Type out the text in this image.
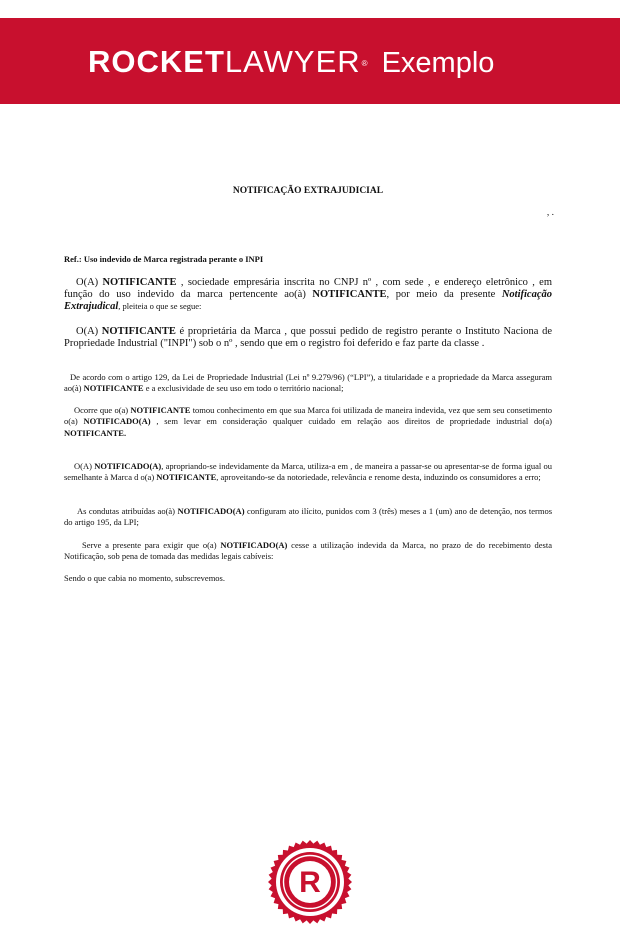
ROCKETLAWYER® Exemplo
NOTIFICAÇÃO EXTRAJUDICIAL
, .
Ref.: Uso indevido de Marca registrada perante o INPI

O(A) NOTIFICANTE , sociedade empresária inscrita no CNPJ nº , com sede , e endereço eletrônico , em função do uso indevido da marca pertencente ao(à) NOTIFICANTE, por meio da presente Notificação Extrajudical, pleiteia o que se segue:

O(A) NOTIFICANTE é proprietária da Marca , que possui pedido de registro perante o Instituto Naciona de Propriedade Industrial ("INPI") sob o nº , sendo que em o registro foi deferido e faz parte da classe .

De acordo com o artigo 129, da Lei de Propriedade Industrial (Lei nº 9.279/96) (“LPI”), a titularidade e a propriedade da Marca asseguram ao(à) NOTIFICANTE e a exclusividade de seu uso em todo o território nacional;

Ocorre que o(a) NOTIFICANTE tomou conhecimento em que sua Marca foi utilizada de maneira indevida, vez que sem seu consetimento o(a) NOTIFICADO(A) , sem levar em consideração qualquer cuidado em relação aos direitos de propriedade industrial do(a) NOTIFICANTE.

O(A) NOTIFICADO(A), apropriando-se indevidamente da Marca, utiliza-a em , de maneira a passar-se ou apresentar-se de forma igual ou semelhante à Marca d o(a) NOTIFICANTE, aproveitando-se da notoriedade, relevância e renome desta, induzindo os consumidores a erro;

As condutas atribuídas ao(à) NOTIFICADO(A) configuram ato ilícito, punidos com 3 (três) meses a 1 (um) ano de detenção, nos termos do artigo 195, da LPI;

Serve a presente para exigir que o(a) NOTIFICADO(A) cesse a utilização indevida da Marca, no prazo de do recebimento desta Notificação, sob pena de tomada das medidas legais cabíveis:

Sendo o que cabia no momento, subscrevemos.

R
